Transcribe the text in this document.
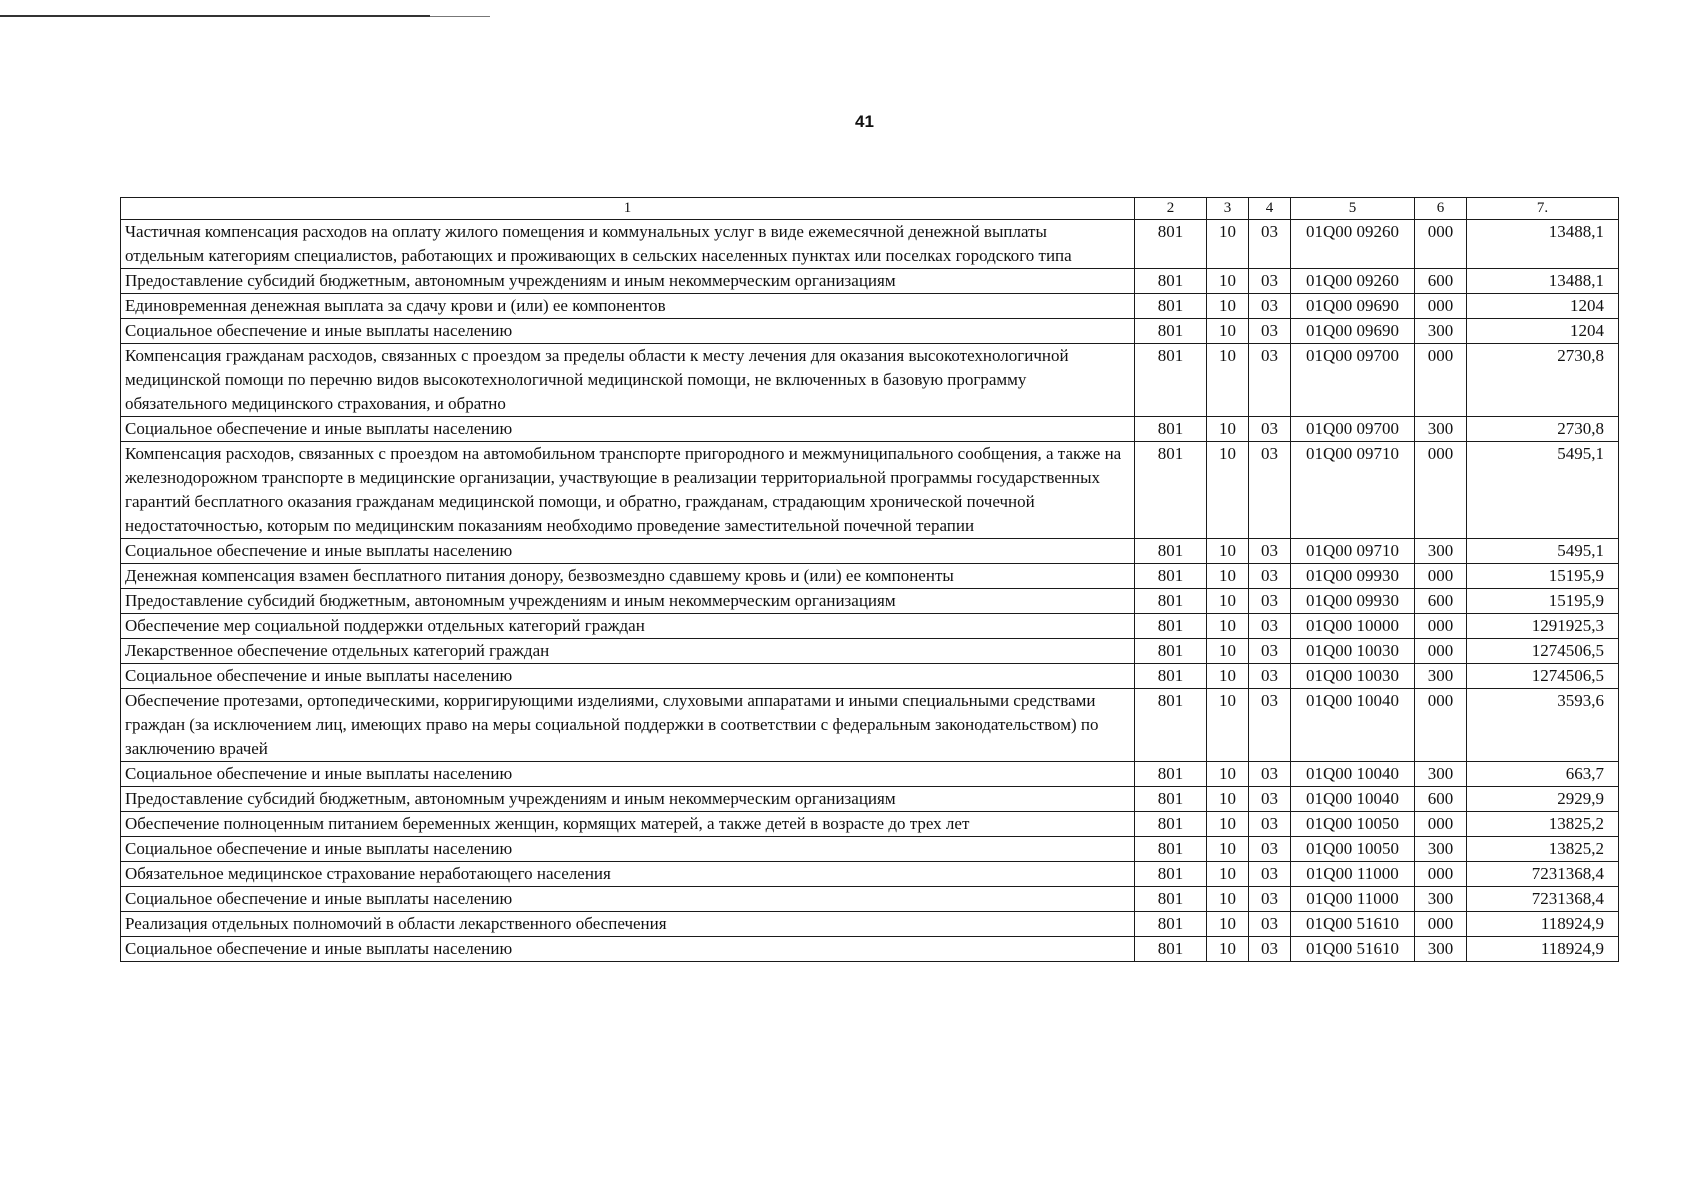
41
1	2	3	4	5	6	7.
Частичная компенсация расходов на оплату жилого помещения и коммунальных услуг в виде ежемесячной денежной выплаты отдельным категориям специалистов, работающих и проживающих в сельских населенных пунктах или поселках городского типа	801	10	03	01Q00 09260	000	13488,1
Предоставление субсидий бюджетным, автономным учреждениям и иным некоммерческим организациям	801	10	03	01Q00 09260	600	13488,1
Единовременная денежная выплата за сдачу крови и (или) ее компонентов	801	10	03	01Q00 09690	000	1204
Социальное обеспечение и иные выплаты населению	801	10	03	01Q00 09690	300	1204
Компенсация гражданам расходов, связанных с проездом за пределы области к месту лечения для оказания высокотехнологичной медицинской помощи по перечню видов высокотехнологичной медицинской помощи, не включенных в базовую программу обязательного медицинского страхования, и обратно	801	10	03	01Q00 09700	000	2730,8
Социальное обеспечение и иные выплаты населению	801	10	03	01Q00 09700	300	2730,8
Компенсация расходов, связанных с проездом на автомобильном транспорте пригородного и межмуниципального сообщения, а также на железнодорожном транспорте в медицинские организации, участвующие в реализации территориальной программы государственных гарантий бесплатного оказания гражданам медицинской помощи, и обратно, гражданам, страдающим хронической почечной недостаточностью, которым по медицинским показаниям необходимо проведение заместительной почечной терапии	801	10	03	01Q00 09710	000	5495,1
Социальное обеспечение и иные выплаты населению	801	10	03	01Q00 09710	300	5495,1
Денежная компенсация взамен бесплатного питания донору, безвозмездно сдавшему кровь и (или) ее компоненты	801	10	03	01Q00 09930	000	15195,9
Предоставление субсидий бюджетным, автономным учреждениям и иным некоммерческим организациям	801	10	03	01Q00 09930	600	15195,9
Обеспечение мер социальной поддержки отдельных категорий граждан	801	10	03	01Q00 10000	000	1291925,3
Лекарственное обеспечение отдельных категорий граждан	801	10	03	01Q00 10030	000	1274506,5
Социальное обеспечение и иные выплаты населению	801	10	03	01Q00 10030	300	1274506,5
Обеспечение протезами, ортопедическими, корригирующими изделиями, слуховыми аппаратами и иными специальными средствами граждан (за исключением лиц, имеющих право на меры социальной поддержки в соответствии с федеральным законодательством) по заключению врачей	801	10	03	01Q00 10040	000	3593,6
Социальное обеспечение и иные выплаты населению	801	10	03	01Q00 10040	300	663,7
Предоставление субсидий бюджетным, автономным учреждениям и иным некоммерческим организациям	801	10	03	01Q00 10040	600	2929,9
Обеспечение полноценным питанием беременных женщин, кормящих матерей, а также детей в возрасте до трех лет	801	10	03	01Q00 10050	000	13825,2
Социальное обеспечение и иные выплаты населению	801	10	03	01Q00 10050	300	13825,2
Обязательное медицинское страхование неработающего населения	801	10	03	01Q00 11000	000	7231368,4
Социальное обеспечение и иные выплаты населению	801	10	03	01Q00 11000	300	7231368,4
Реализация отдельных полномочий в области лекарственного обеспечения	801	10	03	01Q00 51610	000	118924,9
Социальное обеспечение и иные выплаты населению	801	10	03	01Q00 51610	300	118924,9
